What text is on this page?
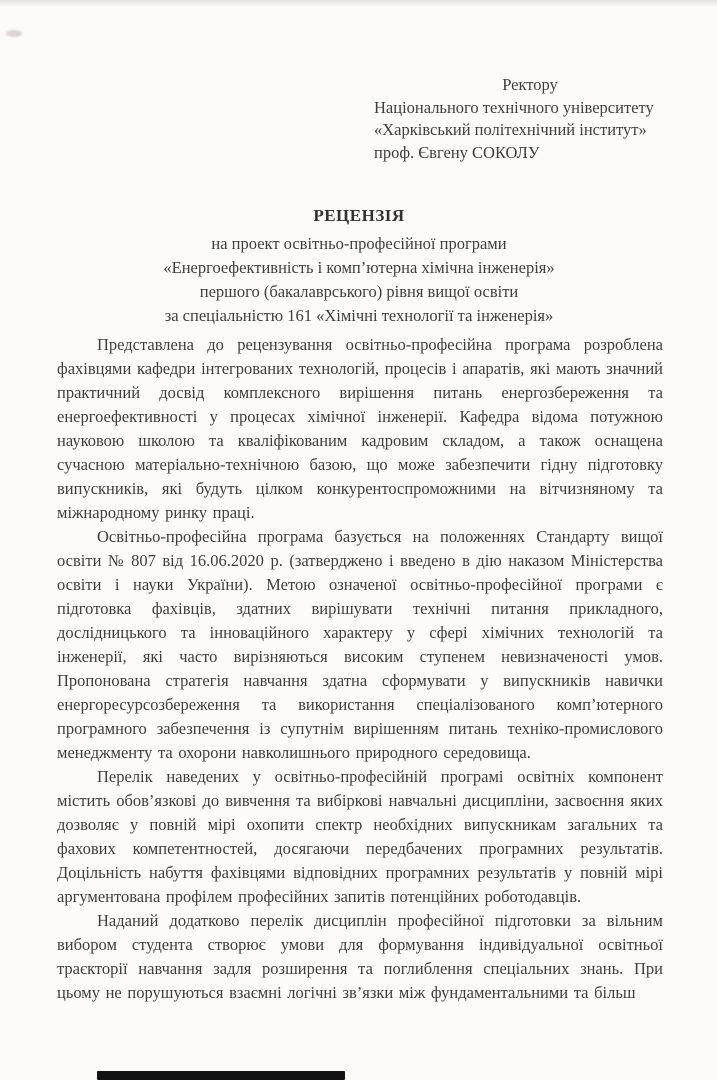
Ректору
Національного технічного університету
«Харківський політехнічний інститут»
проф. Євгену СОКОЛУ
РЕЦЕНЗІЯ
на проект освітньо-професійної програми
«Енергоефективність і комп’ютерна хімічна інженерія»
першого (бакалаврського) рівня вищої освіти
за спеціальністю 161 «Хімічні технології та інженерія»

Представлена до рецензування освітньо-професійна програма розроблена фахівцями кафедри інтегрованих технологій, процесів і апаратів, які мають значний практичний досвід комплексного вирішення питань енергозбереження та енергоефективності у процесах хімічної інженерії. Кафедра відома потужною науковою школою та кваліфікованим кадровим складом, а також оснащена сучасною матеріально-технічною базою, що може забезпечити гідну підготовку випускників, які будуть цілком конкурентоспроможними на вітчизняному та міжнародному ринку праці.

Освітньо-професійна програма базується на положеннях Стандарту вищої освіти № 807 від 16.06.2020 р. (затверджено і введено в дію наказом Міністерства освіти і науки України). Метою означеної освітньо-професійної програми є підготовка фахівців, здатних вирішувати технічні питання прикладного, дослідницького та інноваційного характеру у сфері хімічних технологій та інженерії, які часто вирізняються високим ступенем невизначеності умов. Пропонована стратегія навчання здатна сформувати у випускників навички енергоресурсозбереження та використання спеціалізованого комп’ютерного програмного забезпечення із супутнім вирішенням питань техніко-промислового менеджменту та охорони навколишнього природного середовища.

Перелік наведених у освітньо-професійній програмі освітніх компонент містить обов’язкові до вивчення та вибіркові навчальні дисципліни, засвоєння яких дозволяє у повній мірі охопити спектр необхідних випускникам загальних та фахових компетентностей, досягаючи передбачених програмних результатів. Доцільність набуття фахівцями відповідних програмних результатів у повній мірі аргументована профілем професійних запитів потенційних роботодавців.

Наданий додатково перелік дисциплін професійної підготовки за вільним вибором студента створює умови для формування індивідуальної освітньої траєкторії навчання задля розширення та поглиблення спеціальних знань. При цьому не порушуються взаємні логічні зв’язки між фундаментальними та більш
